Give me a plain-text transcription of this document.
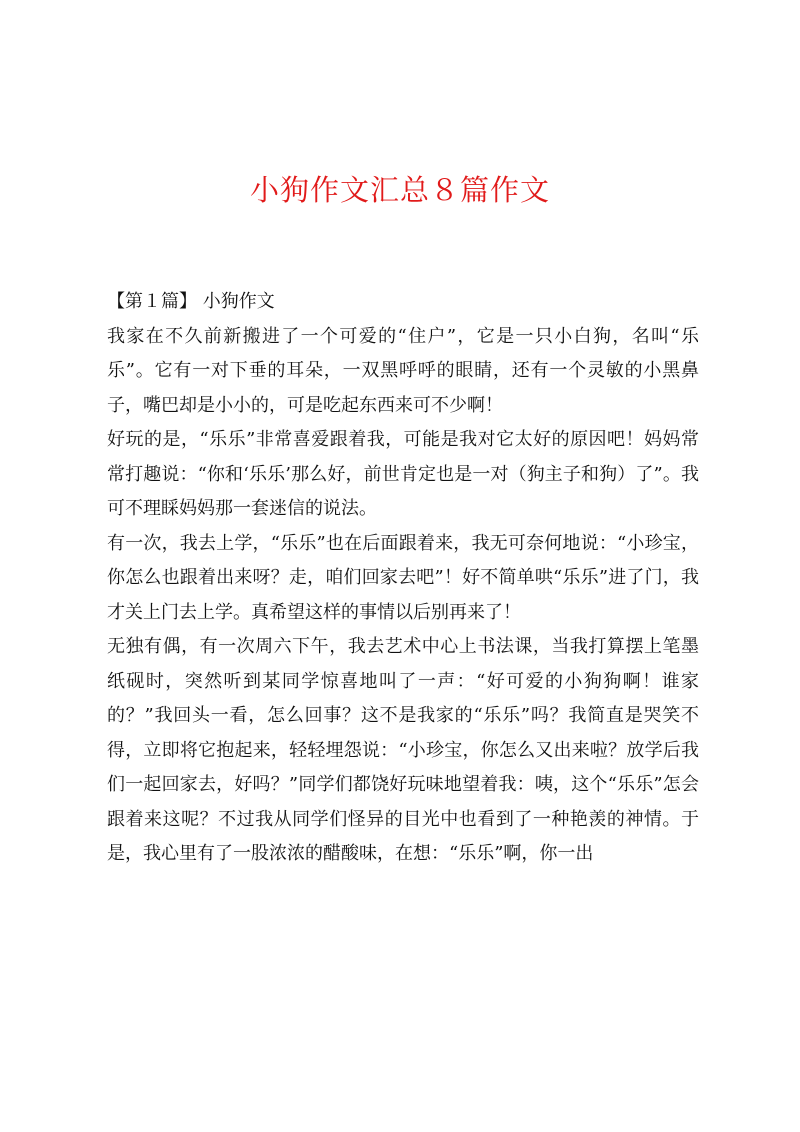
小狗作文汇总８篇作文

【第１篇】 小狗作文

我家在不久前新搬进了一个可爱的“住户”，它是一只小白狗，名叫“乐乐”。它有一对下垂的耳朵，一双黑呼呼的眼睛，还有一个灵敏的小黑鼻子，嘴巴却是小小的，可是吃起东西来可不少啊！

好玩的是，“乐乐”非常喜爱跟着我，可能是我对它太好的原因吧！妈妈常常打趣说：“你和‘乐乐’那么好，前世肯定也是一对（狗主子和狗）了”。我可不理睬妈妈那一套迷信的说法。

有一次，我去上学，“乐乐”也在后面跟着来，我无可奈何地说：“小珍宝，你怎么也跟着出来呀？走，咱们回家去吧”！好不简单哄“乐乐”进了门，我才关上门去上学。真希望这样的事情以后别再来了！

无独有偶，有一次周六下午，我去艺术中心上书法课，当我打算摆上笔墨纸砚时，突然听到某同学惊喜地叫了一声：“好可爱的小狗狗啊！谁家的？”我回头一看，怎么回事？这不是我家的“乐乐”吗？我简直是哭笑不得，立即将它抱起来，轻轻埋怨说：“小珍宝，你怎么又出来啦？放学后我们一起回家去，好吗？”同学们都饶好玩味地望着我：咦，这个“乐乐”怎会跟着来这呢？不过我从同学们怪异的目光中也看到了一种艳羡的神情。于是，我心里有了一股浓浓的醋酸味，在想：“乐乐”啊，你一出
